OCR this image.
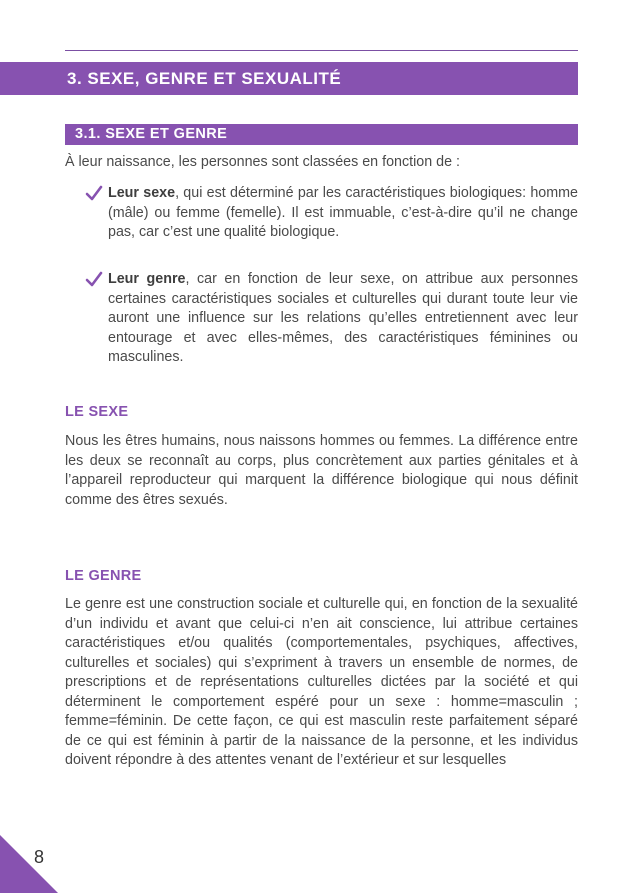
3. SEXE, GENRE ET SEXUALITÉ
3.1. SEXE ET GENRE
À leur naissance, les personnes sont classées en fonction de :
Leur sexe, qui est déterminé par les caractéristiques biologiques: homme (mâle) ou femme (femelle). Il est immuable, c’est-à-dire qu’il ne change pas, car c’est une qualité biologique.
Leur genre, car en fonction de leur sexe, on attribue aux personnes certaines caractéristiques sociales et culturelles qui durant toute leur vie auront une influence sur les relations qu’elles entretiennent avec leur entourage et avec elles-mêmes, des caractéristiques féminines ou masculines.
LE SEXE
Nous les êtres humains, nous naissons hommes ou femmes. La différence entre les deux se reconnaît au corps, plus concrètement aux parties génitales et à l’appareil reproducteur qui marquent la différence biologique qui nous définit comme des êtres sexués.
LE GENRE
Le genre est une construction sociale et culturelle qui, en fonction de la sexualité d’un individu et avant que celui-ci n’en ait conscience, lui attribue certaines caractéristiques et/ou qualités (comportementales, psychiques, affectives, culturelles et sociales) qui s’expriment à travers un ensemble de normes, de prescriptions et de représentations culturelles dictées par la société et qui déterminent le comportement espéré pour un sexe : homme=masculin ; femme=féminin. De cette façon, ce qui est masculin reste parfaitement séparé de ce qui est féminin à partir de la naissance de la personne, et les individus doivent répondre à des attentes venant de l’extérieur et sur lesquelles
8
